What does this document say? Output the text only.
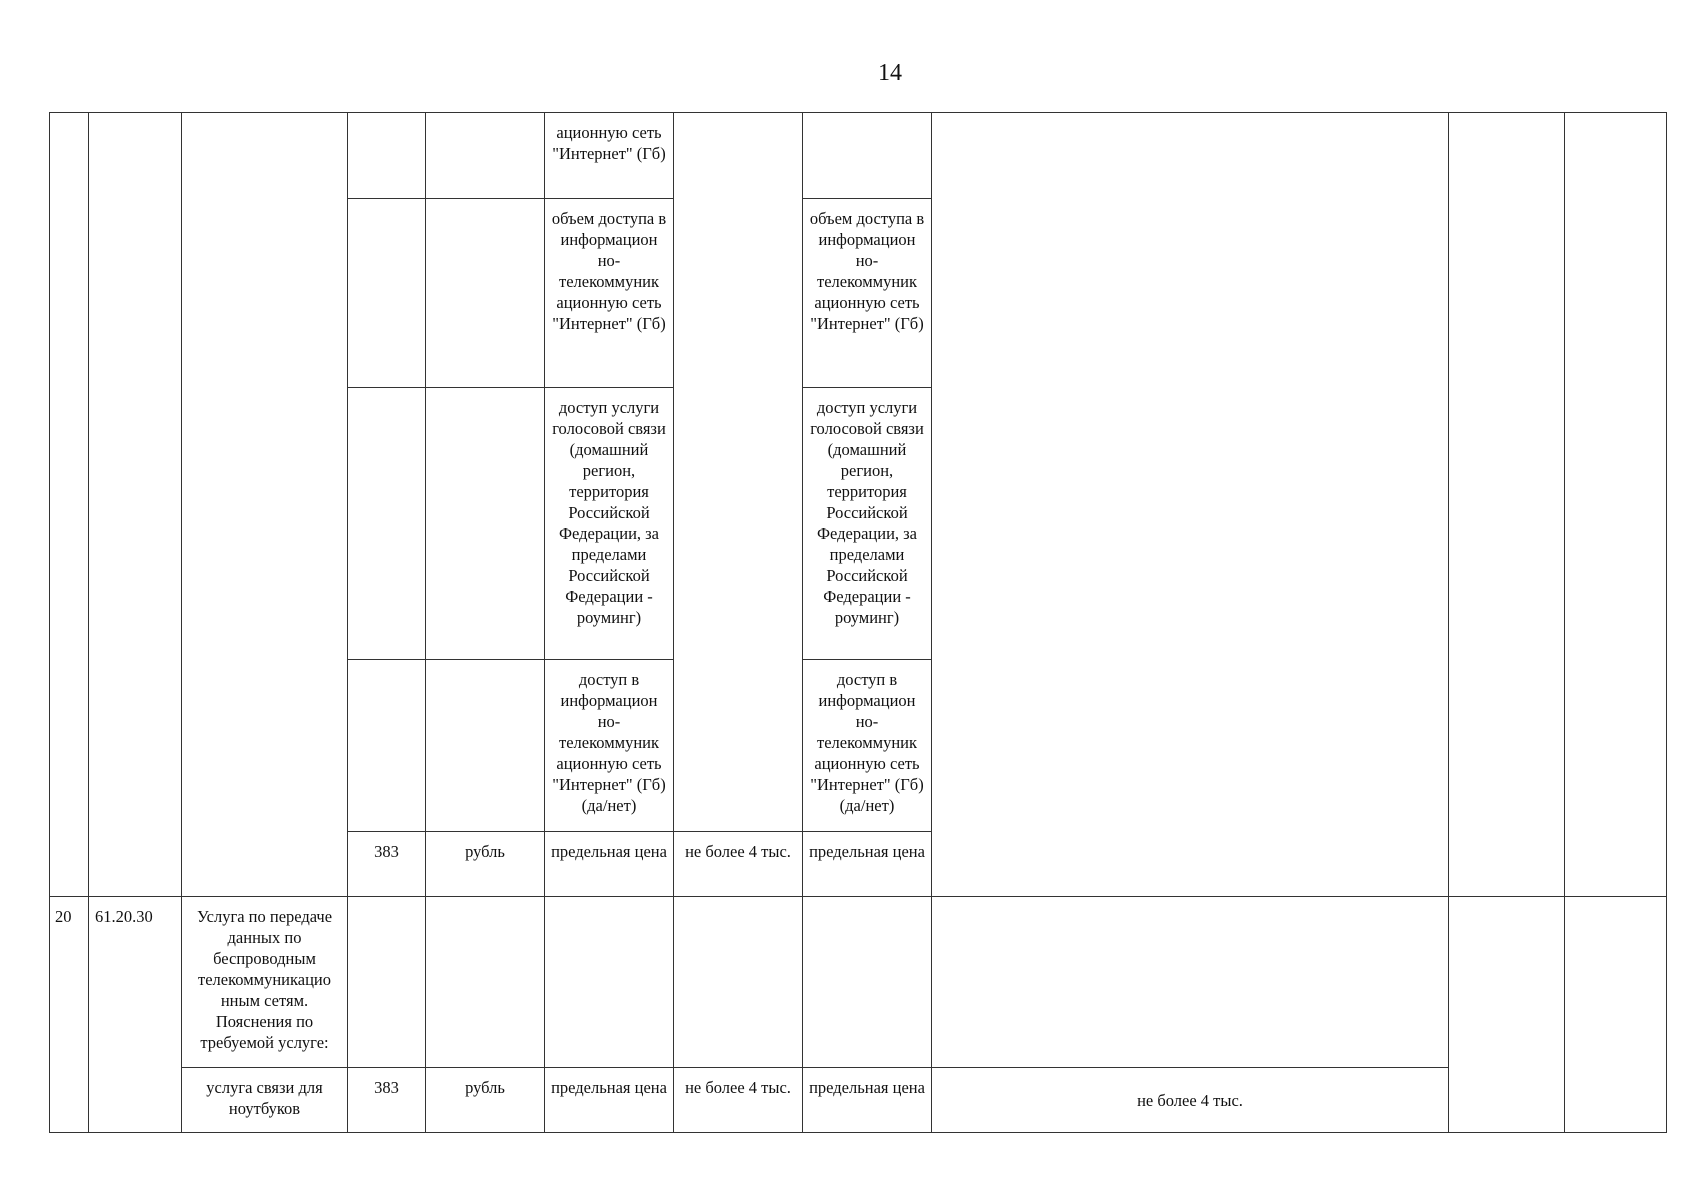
14
					ационную сеть "Интернет" (Гб)					
					объем доступа в информацион но-телекоммуник ационную сеть "Интернет" (Гб)		объем доступа в информацион но-телекоммуник ационную сеть "Интернет" (Гб)			
					доступ услуги голосовой связи (домашний регион, территория Российской Федерации, за пределами Российской Федерации - роуминг)		доступ услуги голосовой связи (домашний регион, территория Российской Федерации, за пределами Российской Федерации - роуминг)			
					доступ в информацион но-телекоммуник ационную сеть "Интернет" (Гб) (да/нет)		доступ в информацион но-телекоммуник ационную сеть "Интернет" (Гб) (да/нет)			
			383	рубль	предельная цена	не более 4 тыс.	предельная цена			
20	61.20.30	Услуга по передаче данных по беспроводным телекоммуникацио нным сетям. Пояснения по требуемой услуге:								
		услуга связи для ноутбуков	383	рубль	предельная цена	не более 4 тыс.	предельная цена	не более 4 тыс.		
